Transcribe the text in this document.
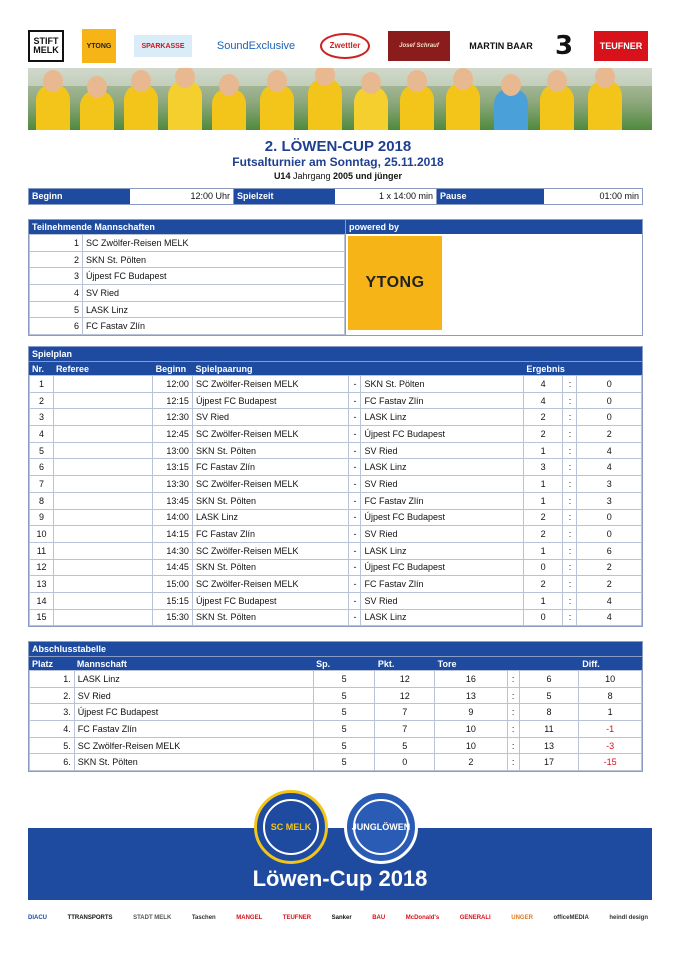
STIFT MELK	YTONG	SPARKASSE	SoundExclusive	Zwettler	Josef Schrauf	MARTIN BAAR 3	TEUFNER
2. LÖWEN-CUP 2018
Futsalturnier am Sonntag, 25.11.2018
U14 Jahrgang 2005 und jünger
Beginn	12:00 Uhr Spielzeit	1 x 14:00 min Pause	01:00 min
Teilnehmende Mannschaften	powered by
1	SC Zwölfer-Reisen MELK
2	SKN St. Pölten
3	Újpest FC Budapest
4	SV Ried
5	LASK Linz
6	FC Fastav Zlín
YTONG
Spielplan
Nr.	Referee	Beginn	Spielpaarung	Ergebnis
1		12:00	SC Zwölfer-Reisen MELK	-	SKN St. Pölten	4	:	0
2		12:15	Újpest FC Budapest	-	FC Fastav Zlín	4	:	0
3		12:30	SV Ried	-	LASK Linz	2	:	0
4		12:45	SC Zwölfer-Reisen MELK	-	Újpest FC Budapest	2	:	2
5		13:00	SKN St. Pölten	-	SV Ried	1	:	4
6		13:15	FC Fastav Zlín	-	LASK Linz	3	:	4
7		13:30	SC Zwölfer-Reisen MELK	-	SV Ried	1	:	3
8		13:45	SKN St. Pölten	-	FC Fastav Zlín	1	:	3
9		14:00	LASK Linz	-	Újpest FC Budapest	2	:	0
10		14:15	FC Fastav Zlín	-	SV Ried	2	:	0
11		14:30	SC Zwölfer-Reisen MELK	-	LASK Linz	1	:	6
12		14:45	SKN St. Pölten	-	Újpest FC Budapest	0	:	2
13		15:00	SC Zwölfer-Reisen MELK	-	FC Fastav Zlín	2	:	2
14		15:15	Újpest FC Budapest	-	SV Ried	1	:	4
15		15:30	SKN St. Pölten	-	LASK Linz	0	:	4
Abschlusstabelle
Platz	Mannschaft	Sp.	Pkt.	Tore	Diff.
1.	LASK Linz	5	12	16	:	6	10
2.	SV Ried	5	12	13	:	5	8
3.	Újpest FC Budapest	5	7	9	:	8	1
4.	FC Fastav Zlín	5	7	10	:	11	-1
5.	SC Zwölfer-Reisen MELK	5	5	10	:	13	-3
6.	SKN St. Pölten	5	0	2	:	17	-15
SC MELK	JUNGLÖWEN
Löwen-Cup 2018
DIACU	TTRANSPORTS	STADT MELK	Taschen	MANGEL	TEUFNER	Sanker	BAU	McDonald's	GENERALI	UNGER	officeMEDIA	heindl design
